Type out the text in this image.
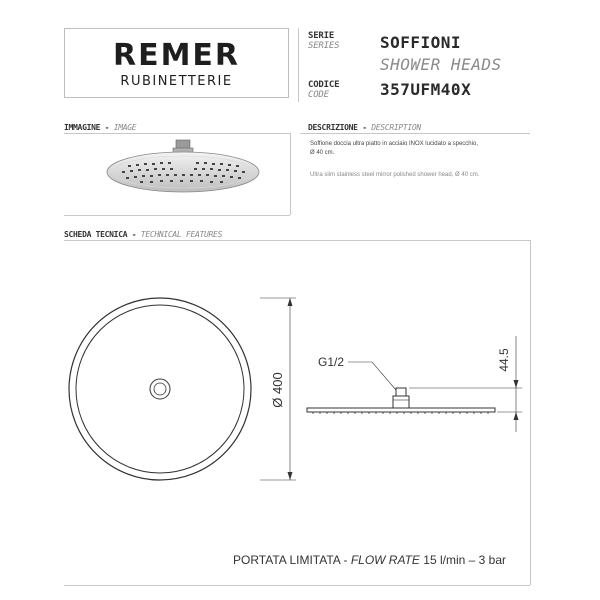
REMER
RUBINETTERIE
SERIE
SERIES	SOFFIONI
SHOWER HEADS
CODICE
CODE	357UFM40X
IMMAGINE - IMAGE	DESCRIZIONE - DESCRIPTION
Soffione doccia ultra piatto in acciaio INOX lucidato a specchio,
Ø 40 cm.
Ultra slim stainless steel mirror polished shower head, Ø 40 cm.
SCHEDA TECNICA - TECHNICAL FEATURES
Ø 400
G1/2	44.5
PORTATA LIMITATA - FLOW RATE 15 l/min – 3 bar
